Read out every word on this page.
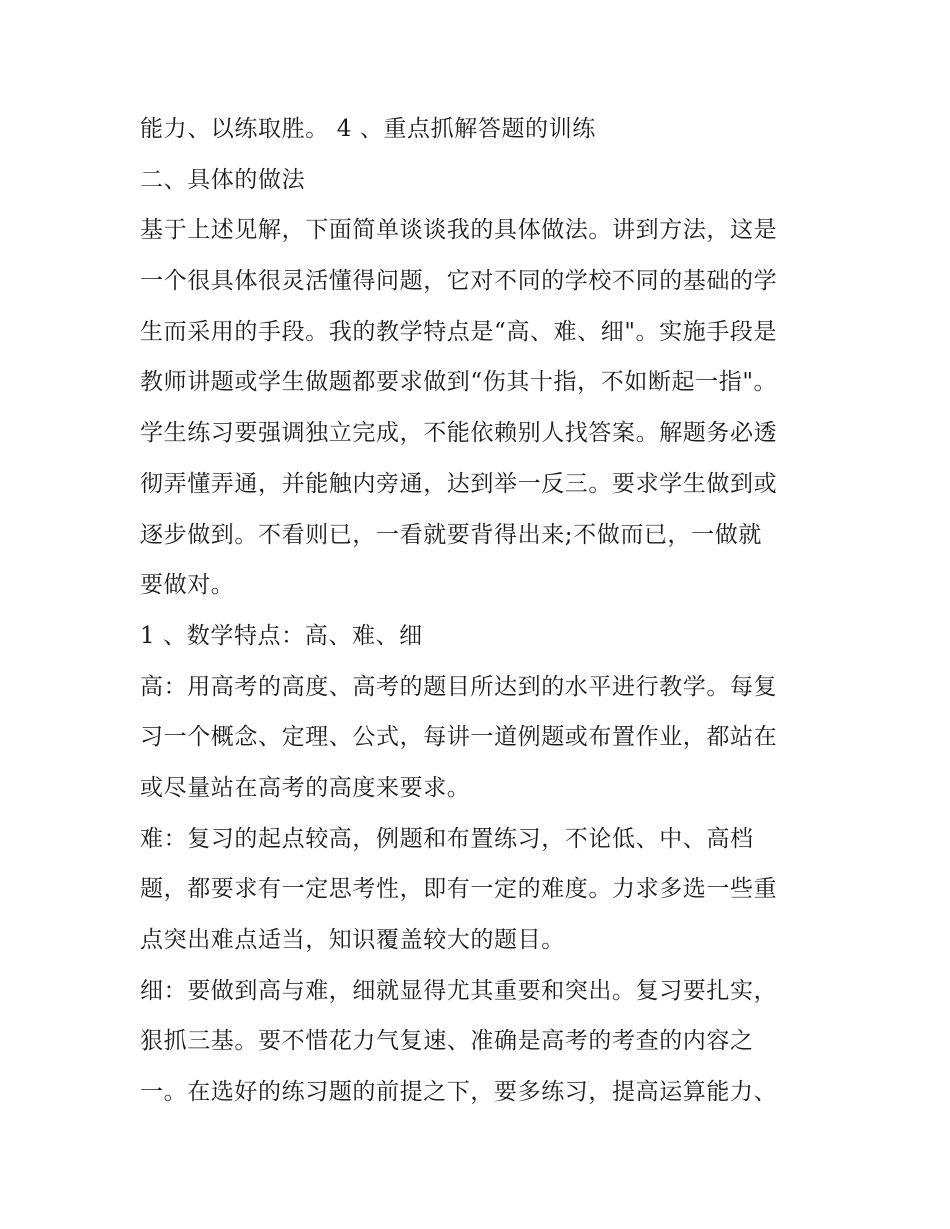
能力、以练取胜。 4 、重点抓解答题的训练
二、具体的做法
基于上述见解，下面简单谈谈我的具体做法。讲到方法，这是
一个很具体很灵活懂得问题，它对不同的学校不同的基础的学
生而采用的手段。我的教学特点是“高、难、细"。实施手段是
教师讲题或学生做题都要求做到“伤其十指，不如断起一指"。
学生练习要强调独立完成，不能依赖别人找答案。解题务必透
彻弄懂弄通，并能触内旁通，达到举一反三。要求学生做到或
逐步做到。不看则已，一看就要背得出来;不做而已，一做就
要做对。
1 、数学特点：高、难、细
高：用高考的高度、高考的题目所达到的水平进行教学。每复
习一个概念、定理、公式，每讲一道例题或布置作业，都站在
或尽量站在高考的高度来要求。
难：复习的起点较高，例题和布置练习，不论低、中、高档
题，都要求有一定思考性，即有一定的难度。力求多选一些重
点突出难点适当，知识覆盖较大的题目。
细：要做到高与难，细就显得尤其重要和突出。复习要扎实，
狠抓三基。要不惜花力气复速、准确是高考的考查的内容之
一。在选好的练习题的前提之下，要多练习，提高运算能力、
